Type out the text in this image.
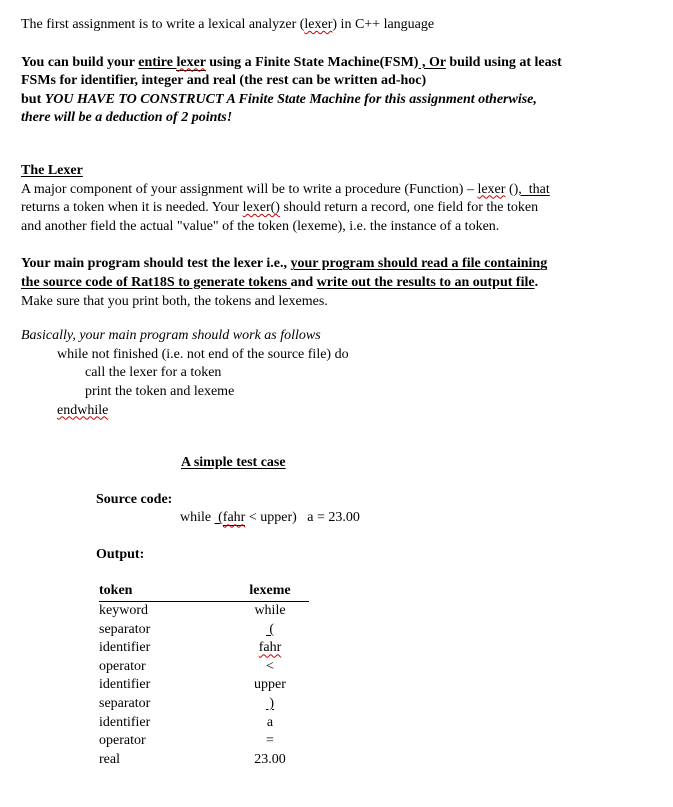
The first assignment is to write a lexical analyzer (lexer) in C++ language
You can build your entire lexer using a Finite State Machine(FSM) , Or build using at least
FSMs for identifier, integer and real (the rest can be written ad-hoc)
but YOU HAVE TO CONSTRUCT A Finite State Machine for this assignment otherwise,
there will be a deduction of 2 points!
The Lexer
A major component of your assignment will be to write a procedure (Function) – lexer (),  that
returns a token when it is needed. Your lexer() should return a record, one field for the token
and another field the actual "value" of the token (lexeme), i.e. the instance of a token.
Your main program should test the lexer i.e., your program should read a file containing
the source code of Rat18S to generate tokens and write out the results to an output file.
Make sure that you print both, the tokens and lexemes.
Basically, your main program should work as follows
while not finished (i.e. not end of the source file) do
call the lexer for a token
print the token and lexeme
endwhile
A simple test case
Source code:
while  (fahr < upper)   a = 23.00
Output:
token	lexeme
keyword	while
separator	(
identifier	fahr
operator	<
identifier	upper
separator	)
identifier	a
operator	=
real	23.00
